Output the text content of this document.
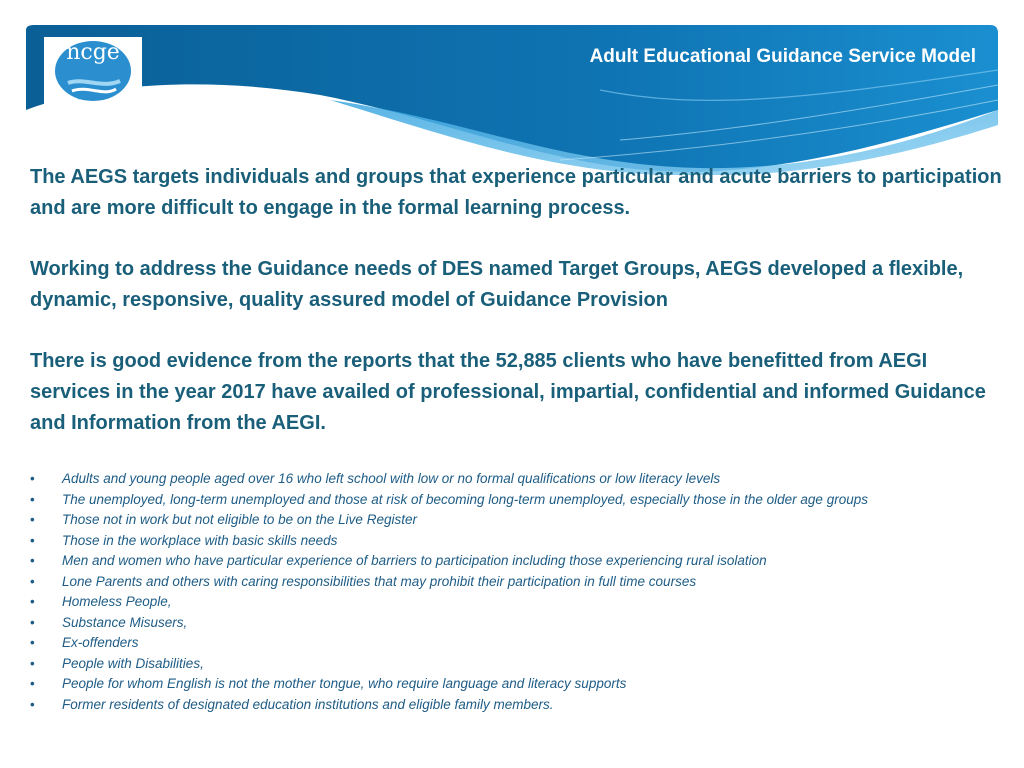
ncge	Adult Educational Guidance Service Model

The AEGS targets individuals and groups that experience particular and acute barriers to participation and are more difficult to engage in the formal learning process.

Working to address the Guidance needs of DES named Target Groups, AEGS developed a flexible, dynamic, responsive, quality assured model of Guidance Provision

There is good evidence from the reports that the 52,885 clients who have benefitted from AEGI services in the year 2017 have availed of professional, impartial, confidential and informed Guidance and Information from the AEGI.

• Adults and young people aged over 16 who left school with low or no formal qualifications or low literacy levels
• The unemployed, long-term unemployed and those at risk of becoming long-term unemployed, especially those in the older age groups
• Those not in work but not eligible to be on the Live Register
• Those in the workplace with basic skills needs
• Men and women who have particular experience of barriers to participation including those experiencing rural isolation
• Lone Parents and others with caring responsibilities that may prohibit their participation in full time courses
• Homeless People,
• Substance Misusers,
• Ex-offenders
• People with Disabilities,
• People for whom English is not the mother tongue, who require language and literacy supports
• Former residents of designated education institutions and eligible family members.
